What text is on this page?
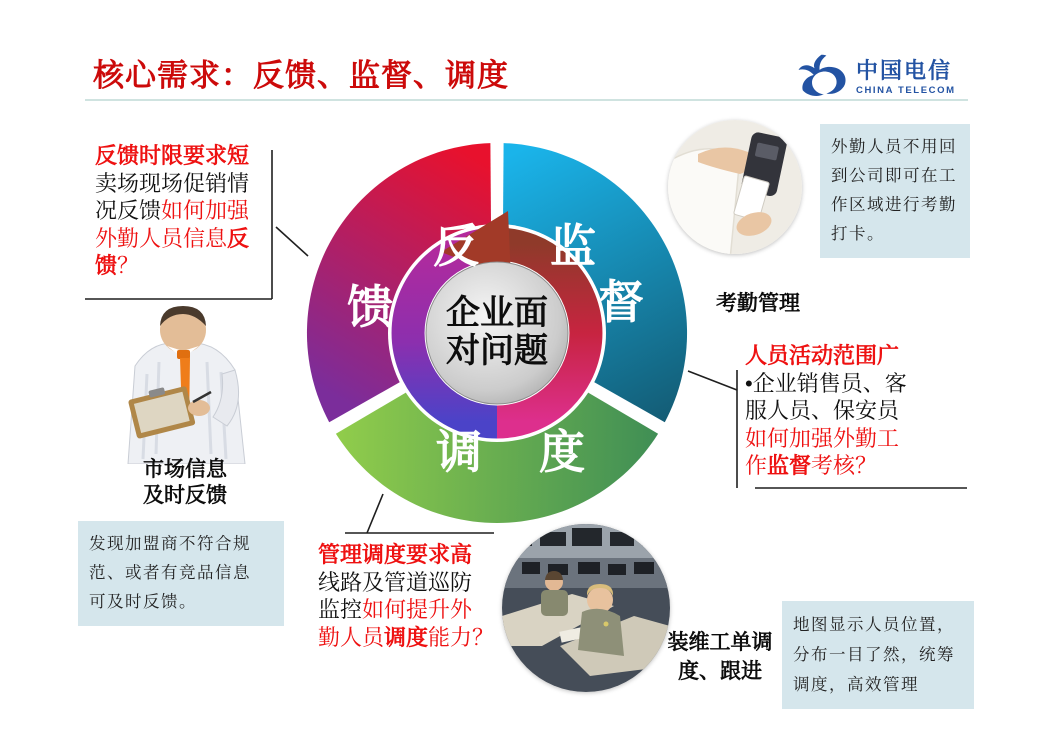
核心需求：反馈、监督、调度	中国电信
CHINA TELECOM
企业面
对问题
反
馈
监
督
调 度
反馈时限要求短
卖场现场促销情
况反馈如何加强
外勤人员信息反
馈？
人员活动范围广
•企业销售员、客
服人员、保安员
如何加强外勤工
作监督考核？
管理调度要求高
线路及管道巡防
监控如何提升外
勤人员调度能力？
市场信息
及时反馈
发现加盟商不符合规
范、或者有竞品信息
可及时反馈。
外勤人员不用回
到公司即可在工
作区域进行考勤
打卡。
考勤管理
装维工单调
度、跟进
地图显示人员位置，
分布一目了然，统筹
调度，高效管理
